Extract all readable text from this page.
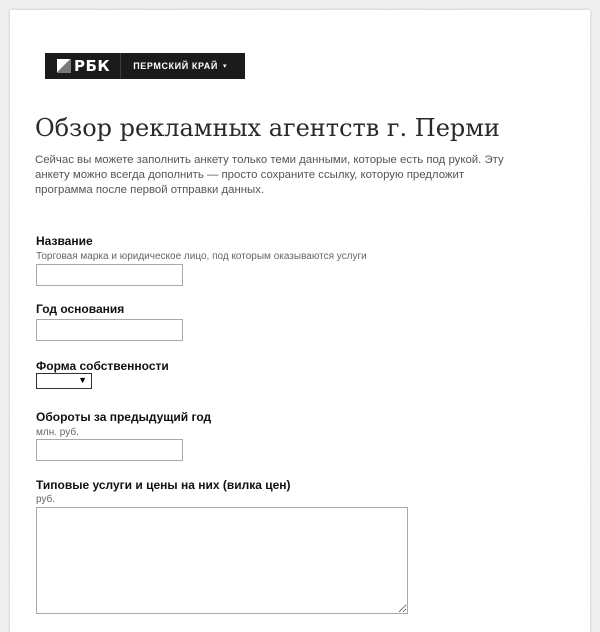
РБК	ПЕРМСКИЙ КРАЙ ▾
Обзор рекламных агентств г. Перми

Сейчас вы можете заполнить анкету только теми данными, которые есть под рукой. Эту анкету можно всегда дополнить — просто сохраните ссылку, которую предложит программа после первой отправки данных.

Название
Торговая марка и юридическое лицо, под которым оказываются услуги
Год основания
Форма собственности
▼
Обороты за предыдущий год
млн. руб.
Типовые услуги и цены на них (вилка цен)
руб.
